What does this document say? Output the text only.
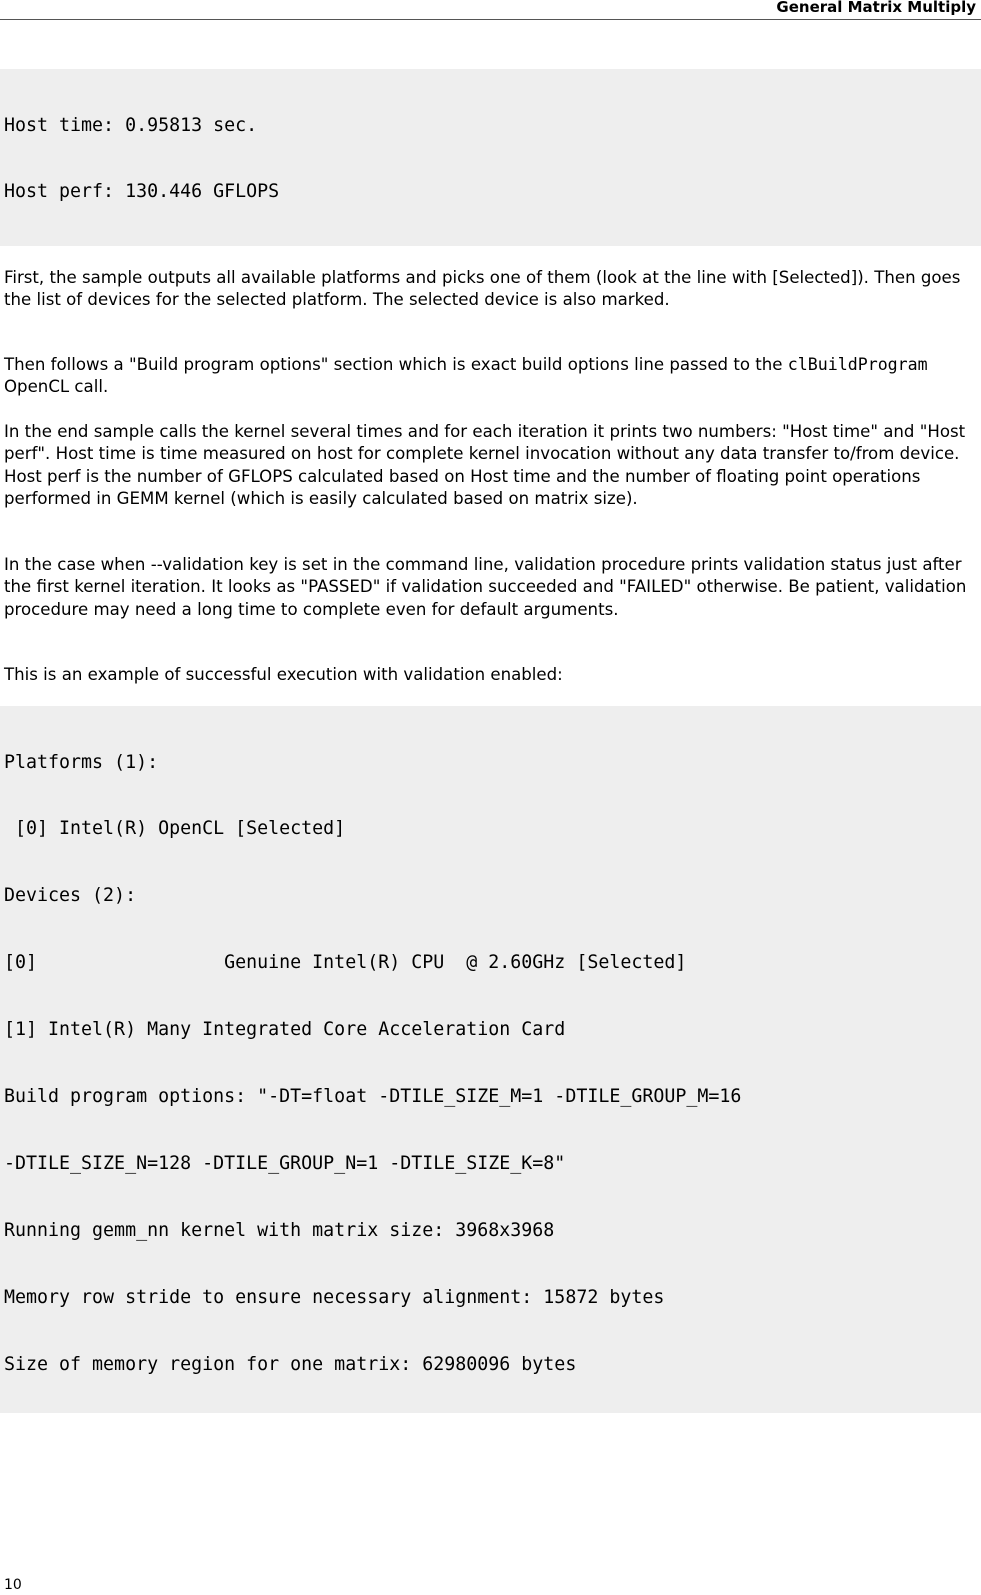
General Matrix Multiply

Host time: 0.95813 sec.

Host perf: 130.446 GFLOPS

First, the sample outputs all available platforms and picks one of them (look at the line with [Selected]). Then goes the list of devices for the selected platform. The selected device is also marked.

Then follows a "Build program options" section which is exact build options line passed to the clBuildProgram OpenCL call.

In the end sample calls the kernel several times and for each iteration it prints two numbers: "Host time" and "Host perf". Host time is time measured on host for complete kernel invocation without any data transfer to/from device. Host perf is the number of GFLOPS calculated based on Host time and the number of floating point operations performed in GEMM kernel (which is easily calculated based on matrix size).

In the case when --validation key is set in the command line, validation procedure prints validation status just after the first kernel iteration. It looks as "PASSED" if validation succeeded and "FAILED" otherwise. Be patient, validation procedure may need a long time to complete even for default arguments.

This is an example of successful execution with validation enabled:

Platforms (1):

[0] Intel(R) OpenCL [Selected]

Devices (2):

[0]                 Genuine Intel(R) CPU  @ 2.60GHz [Selected]

[1] Intel(R) Many Integrated Core Acceleration Card

Build program options: "-DT=float -DTILE_SIZE_M=1 -DTILE_GROUP_M=16

-DTILE_SIZE_N=128 -DTILE_GROUP_N=1 -DTILE_SIZE_K=8"

Running gemm_nn kernel with matrix size: 3968x3968

Memory row stride to ensure necessary alignment: 15872 bytes

Size of memory region for one matrix: 62980096 bytes

10
